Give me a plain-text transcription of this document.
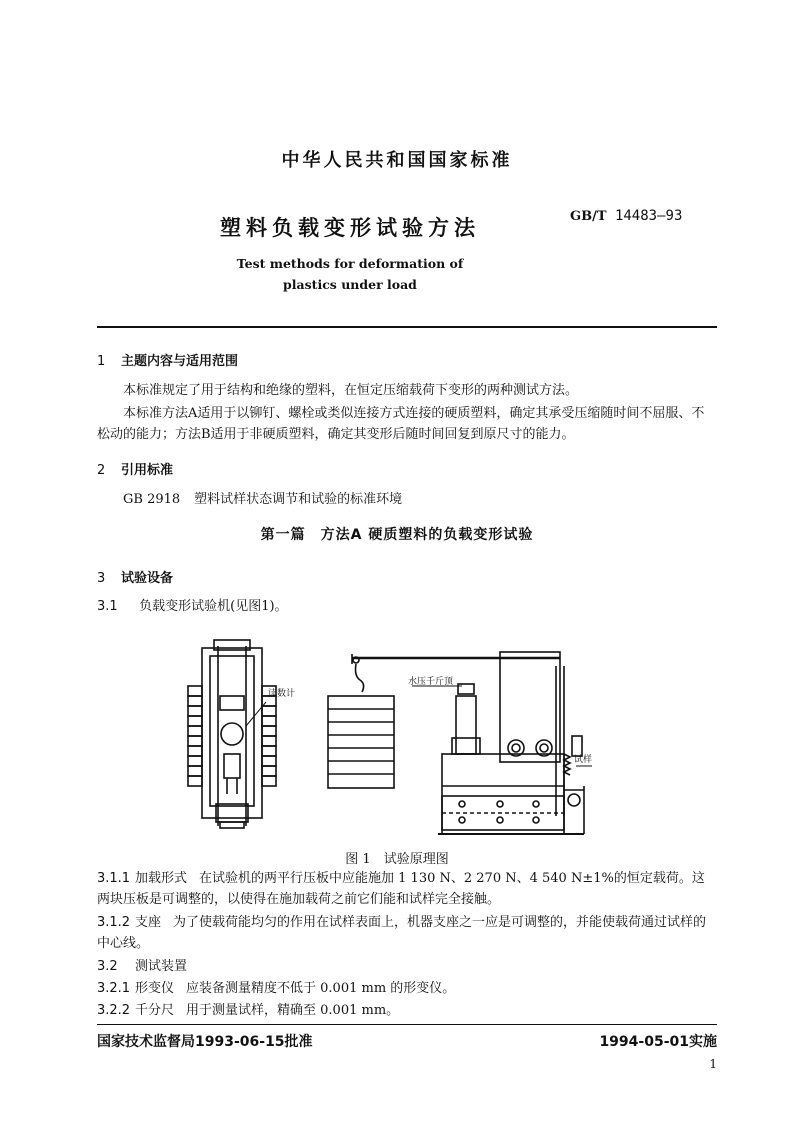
中华人民共和国国家标准
塑料负载变形试验方法	GB/T 14483—93
Test methods for deformation of
plastics under load
1 主题内容与适用范围
本标准规定了用于结构和绝缘的塑料，在恒定压缩载荷下变形的两种测试方法。
本标准方法A适用于以铆钉、螺栓或类似连接方式连接的硬质塑料，确定其承受压缩随时间不屈服、不松动的能力；方法B适用于非硬质塑料，确定其变形后随时间回复到原尺寸的能力。
2 引用标准
GB 2918 塑料试样状态调节和试验的标准环境
第一篇　方法A 硬质塑料的负载变形试验
3 试验设备
3.1 负载变形试验机(见图1)。
读数计
水压千斤顶
试样
图 1　试验原理图
3.1.1 加载形式 在试验机的两平行压板中应能施加 1 130 N、2 270 N、4 540 N±1%的恒定载荷。这两块压板是可调整的，以使得在施加载荷之前它们能和试样完全接触。
3.1.2 支座 为了使载荷能均匀的作用在试样表面上，机器支座之一应是可调整的，并能使载荷通过试样的中心线。
3.2 测试装置
3.2.1 形变仪 应装备测量精度不低于 0.001 mm 的形变仪。
3.2.2 千分尺 用于测量试样，精确至 0.001 mm。
国家技术监督局1993-06-15批准	1994-05-01实施
1
